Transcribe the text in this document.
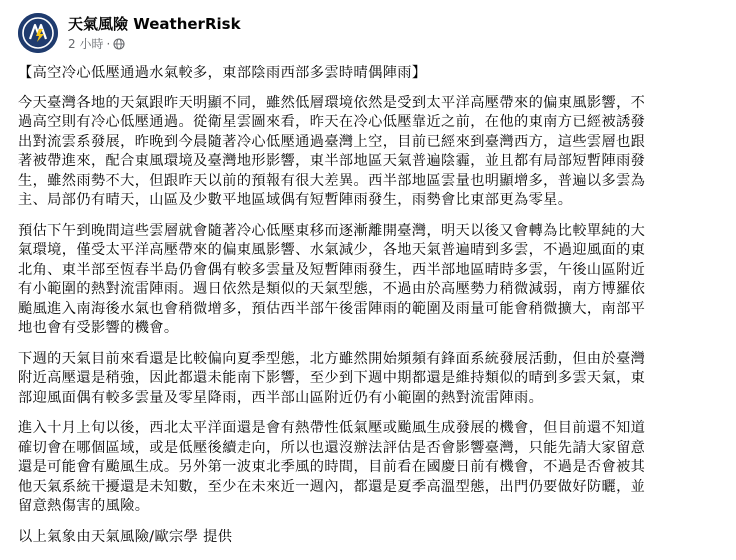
天氣風險 WeatherRisk
2 小時 ·

【高空冷心低壓通過水氣較多，東部陰雨西部多雲時晴偶陣雨】

今天臺灣各地的天氣跟昨天明顯不同，雖然低層環境依然是受到太平洋高壓帶來的偏東風影響，不
過高空則有冷心低壓通過。從衛星雲圖來看，昨天在冷心低壓靠近之前，在他的東南方已經被誘發
出對流雲系發展，昨晚到今晨隨著冷心低壓通過臺灣上空，目前已經來到臺灣西方，這些雲層也跟
著被帶進來，配合東風環境及臺灣地形影響，東半部地區天氣普遍陰霾，並且都有局部短暫陣雨發
生，雖然雨勢不大，但跟昨天以前的預報有很大差異。西半部地區雲量也明顯增多，普遍以多雲為
主、局部仍有晴天，山區及少數平地區域偶有短暫陣雨發生，雨勢會比東部更為零星。

預估下午到晚間這些雲層就會隨著冷心低壓東移而逐漸離開臺灣，明天以後又會轉為比較單純的大
氣環境，僅受太平洋高壓帶來的偏東風影響、水氣減少，各地天氣普遍晴到多雲，不過迎風面的東
北角、東半部至恆春半島仍會偶有較多雲量及短暫陣雨發生，西半部地區晴時多雲，午後山區附近
有小範圍的熱對流雷陣雨。週日依然是類似的天氣型態，不過由於高壓勢力稍微減弱，南方博羅依
颱風進入南海後水氣也會稍微增多，預估西半部午後雷陣雨的範圍及雨量可能會稍微擴大，南部平
地也會有受影響的機會。

下週的天氣目前來看還是比較偏向夏季型態，北方雖然開始頻頻有鋒面系統發展活動，但由於臺灣
附近高壓還是稍強，因此都還未能南下影響，至少到下週中期都還是維持類似的晴到多雲天氣，東
部迎風面偶有較多雲量及零星降雨，西半部山區附近仍有小範圍的熱對流雷陣雨。

進入十月上旬以後，西北太平洋面還是會有熱帶性低氣壓或颱風生成發展的機會，但目前還不知道
確切會在哪個區域，或是低壓後續走向，所以也還沒辦法評估是否會影響臺灣，只能先請大家留意
還是可能會有颱風生成。另外第一波東北季風的時間，目前看在國慶日前有機會，不過是否會被其
他天氣系統干擾還是未知數，至少在未來近一週內，都還是夏季高溫型態，出門仍要做好防曬，並
留意熱傷害的風險。

以上氣象由天氣風險/歐宗學 提供
